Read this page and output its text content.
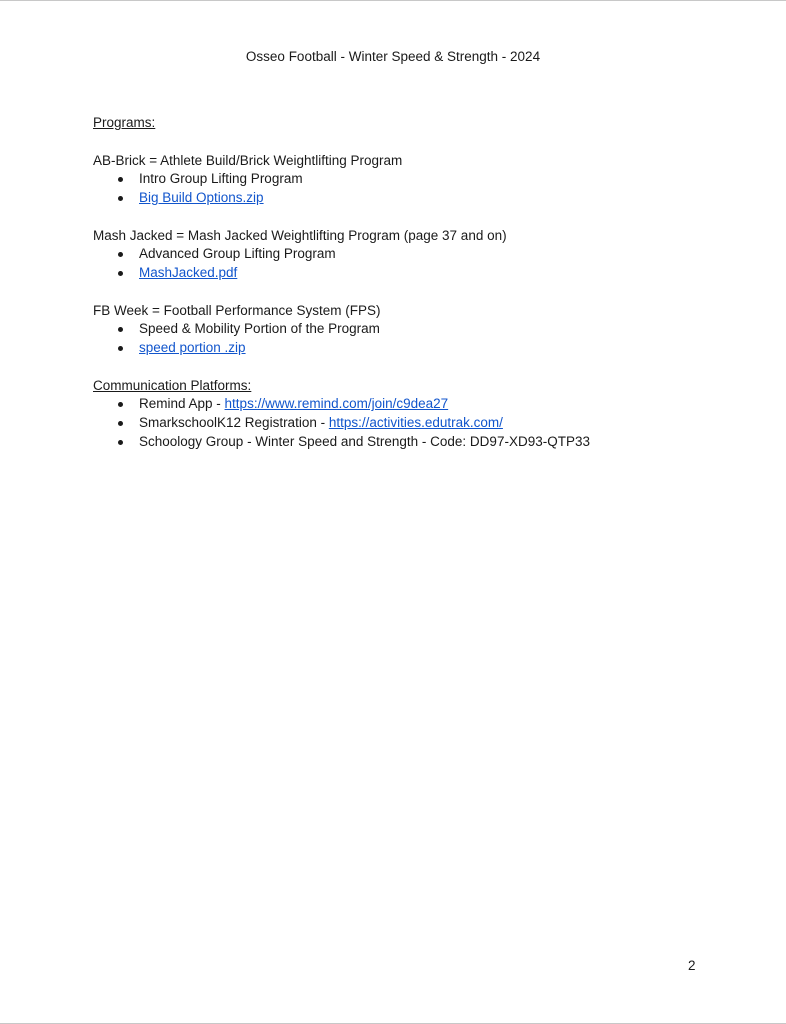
Osseo Football - Winter Speed & Strength - 2024
Programs:
AB-Brick = Athlete Build/Brick Weightlifting Program
Intro Group Lifting Program
Big Build Options.zip
Mash Jacked = Mash Jacked Weightlifting Program (page 37 and on)
Advanced Group Lifting Program
MashJacked.pdf
FB Week = Football Performance System (FPS)
Speed & Mobility Portion of the Program
speed portion .zip
Communication Platforms:
Remind App - https://www.remind.com/join/c9dea27
SmarkschoolK12 Registration - https://activities.edutrak.com/
Schoology Group - Winter Speed and Strength - Code: DD97-XD93-QTP33
2
